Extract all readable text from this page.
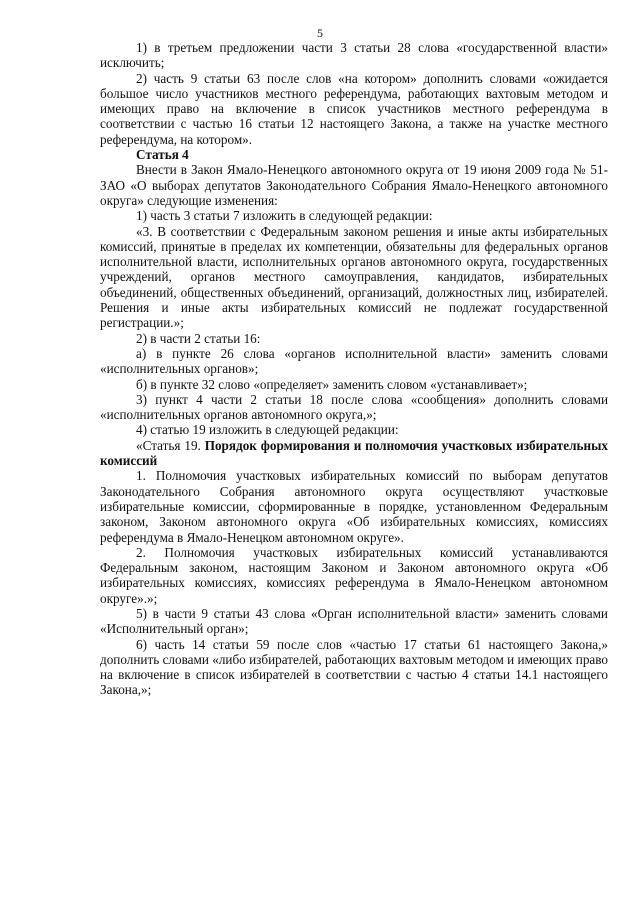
5

1) в третьем предложении части 3 статьи 28 слова «государственной власти» исключить;

2) часть 9 статьи 63 после слов «на котором» дополнить словами «ожидается большое число участников местного референдума, работающих вахтовым методом и имеющих право на включение в список участников местного референдума в соответствии с частью 16 статьи 12 настоящего Закона, а также на участке местного референдума, на котором».

Статья 4

Внести в Закон Ямало-Ненецкого автономного округа от 19 июня 2009 года № 51-ЗАО «О выборах депутатов Законодательного Собрания Ямало-Ненецкого автономного округа» следующие изменения:

1) часть 3 статьи 7 изложить в следующей редакции:

«3. В соответствии с Федеральным законом решения и иные акты избирательных комиссий, принятые в пределах их компетенции, обязательны для федеральных органов исполнительной власти, исполнительных органов автономного округа, государственных учреждений, органов местного самоуправления, кандидатов, избирательных объединений, общественных объединений, организаций, должностных лиц, избирателей. Решения и иные акты избирательных комиссий не подлежат государственной регистрации.»;

2) в части 2 статьи 16:

а) в пункте 26 слова «органов исполнительной власти» заменить словами «исполнительных органов»;

б) в пункте 32 слово «определяет» заменить словом «устанавливает»;

3) пункт 4 части 2 статьи 18 после слова «сообщения» дополнить словами «исполнительных органов автономного округа,»;

4) статью 19 изложить в следующей редакции:

«Статья 19. Порядок формирования и полномочия участковых избирательных комиссий

1. Полномочия участковых избирательных комиссий по выборам депутатов Законодательного Собрания автономного округа осуществляют участковые избирательные комиссии, сформированные в порядке, установленном Федеральным законом, Законом автономного округа «Об избирательных комиссиях, комиссиях референдума в Ямало-Ненецком автономном округе».

2. Полномочия участковых избирательных комиссий устанавливаются Федеральным законом, настоящим Законом и Законом автономного округа «Об избирательных комиссиях, комиссиях референдума в Ямало-Ненецком автономном округе».»;

5) в части 9 статьи 43 слова «Орган исполнительной власти» заменить словами «Исполнительный орган»;

6) часть 14 статьи 59 после слов «частью 17 статьи 61 настоящего Закона,» дополнить словами «либо избирателей, работающих вахтовым методом и имеющих право на включение в список избирателей в соответствии с частью 4 статьи 14.1 настоящего Закона,»;
